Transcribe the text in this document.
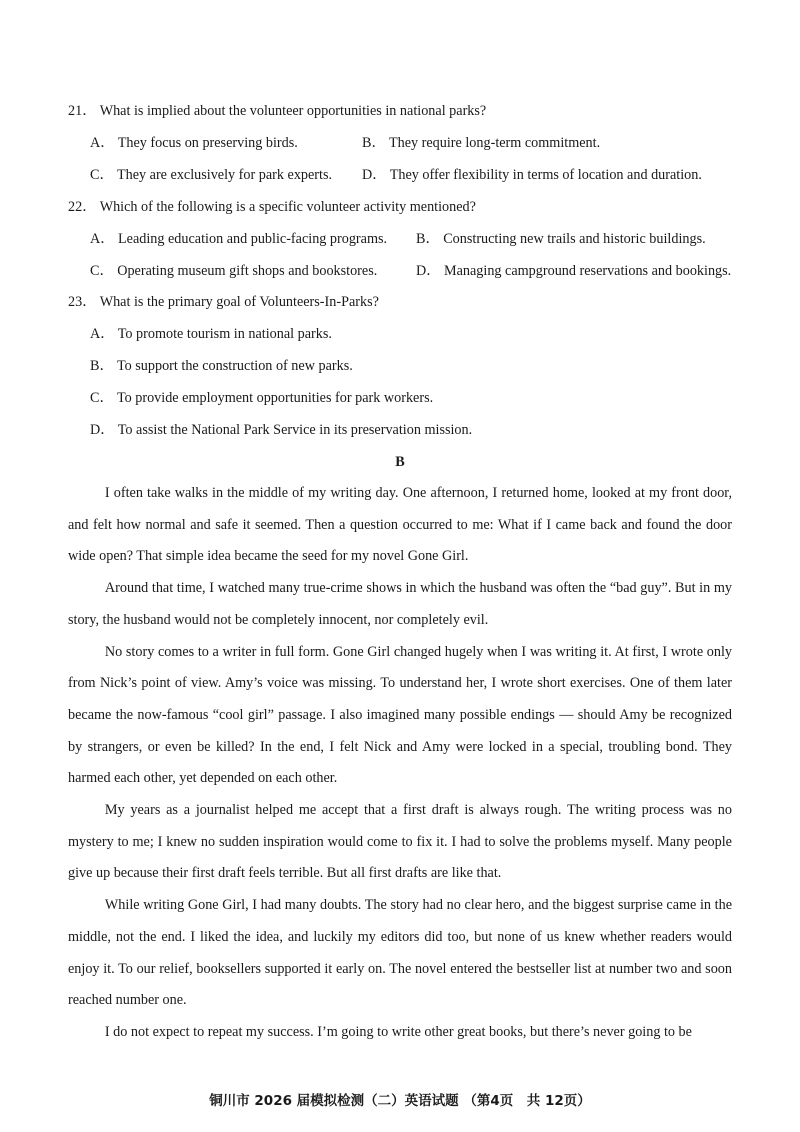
21． What is implied about the volunteer opportunities in national parks?
A． They focus on preserving birds.	B． They require long-term commitment.
C． They are exclusively for park experts. D． They offer flexibility in terms of location and duration.
22． Which of the following is a specific volunteer activity mentioned?
A． Leading education and public-facing programs. B． Constructing new trails and historic buildings.
C． Operating museum gift shops and bookstores.	D． Managing campground reservations and bookings.
23． What is the primary goal of Volunteers-In-Parks?
A． To promote tourism in national parks.
B． To support the construction of new parks.
C． To provide employment opportunities for park workers.
D． To assist the National Park Service in its preservation mission.
B

I often take walks in the middle of my writing day. One afternoon, I returned home, looked at my front door, and felt how normal and safe it seemed. Then a question occurred to me: What if I came back and found the door wide open? That simple idea became the seed for my novel Gone Girl.

Around that time, I watched many true-crime shows in which the husband was often the “bad guy”. But in my story, the husband would not be completely innocent, nor completely evil.

No story comes to a writer in full form. Gone Girl changed hugely when I was writing it. At first, I wrote only from Nick’s point of view. Amy’s voice was missing. To understand her, I wrote short exercises. One of them later became the now-famous “cool girl” passage. I also imagined many possible endings — should Amy be recognized by strangers, or even be killed? In the end, I felt Nick and Amy were locked in a special, troubling bond. They harmed each other, yet depended on each other.

My years as a journalist helped me accept that a first draft is always rough. The writing process was no mystery to me; I knew no sudden inspiration would come to fix it. I had to solve the problems myself. Many people give up because their first draft feels terrible. But all first drafts are like that.

While writing Gone Girl, I had many doubts. The story had no clear hero, and the biggest surprise came in the middle, not the end. I liked the idea, and luckily my editors did too, but none of us knew whether readers would enjoy it. To our relief, booksellers supported it early on. The novel entered the bestseller list at number two and soon reached number one.

I do not expect to repeat my success. I’m going to write other great books, but there’s never going to be

铜川市 2026 届模拟检测（二）英语试题 （第4页　共 12页）
